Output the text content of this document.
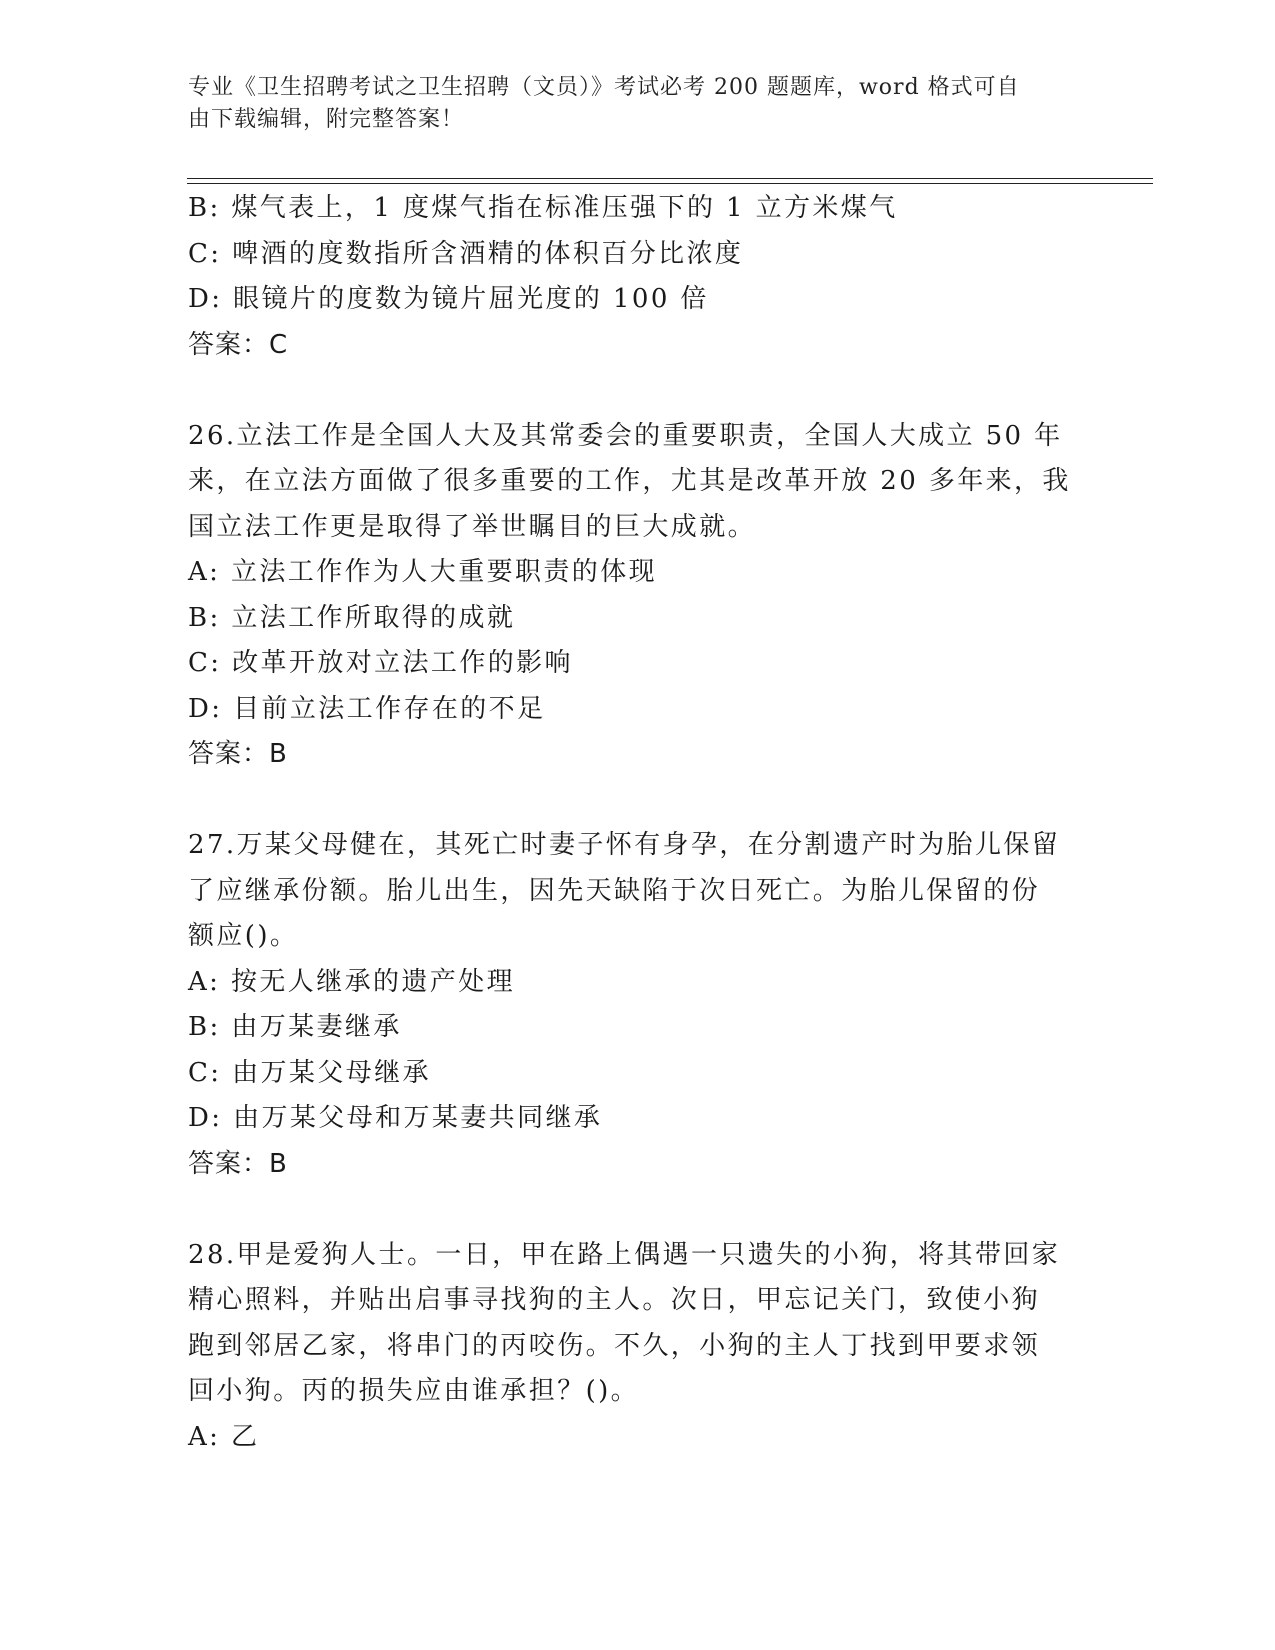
专业《卫生招聘考试之卫生招聘（文员）》考试必考 200 题题库，word 格式可自
由下载编辑，附完整答案！
B: 煤气表上，1 度煤气指在标准压强下的 1 立方米煤气
C: 啤酒的度数指所含酒精的体积百分比浓度
D: 眼镜片的度数为镜片屈光度的 100 倍
答案：C
26.立法工作是全国人大及其常委会的重要职责，全国人大成立 50 年
来，在立法方面做了很多重要的工作，尤其是改革开放 20 多年来，我
国立法工作更是取得了举世瞩目的巨大成就。
A: 立法工作作为人大重要职责的体现
B: 立法工作所取得的成就
C: 改革开放对立法工作的影响
D: 目前立法工作存在的不足
答案：B
27.万某父母健在，其死亡时妻子怀有身孕，在分割遗产时为胎儿保留
了应继承份额。胎儿出生，因先天缺陷于次日死亡。为胎儿保留的份
额应()。
A: 按无人继承的遗产处理
B: 由万某妻继承
C: 由万某父母继承
D: 由万某父母和万某妻共同继承
答案：B
28.甲是爱狗人士。一日，甲在路上偶遇一只遗失的小狗，将其带回家
精心照料，并贴出启事寻找狗的主人。次日，甲忘记关门，致使小狗
跑到邻居乙家，将串门的丙咬伤。不久，小狗的主人丁找到甲要求领
回小狗。丙的损失应由谁承担？()。
A: 乙
